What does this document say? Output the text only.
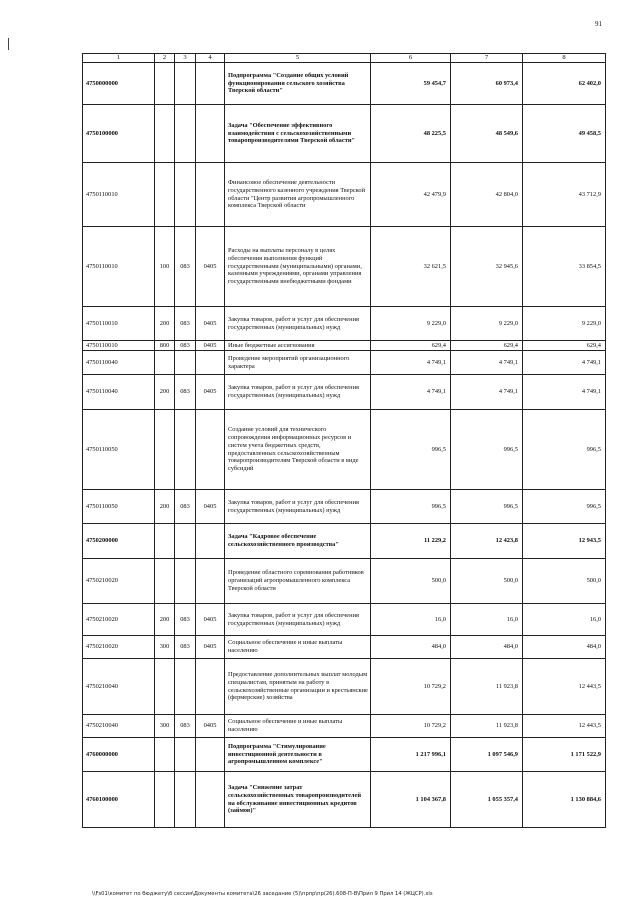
91
1	2	3	4	5	6	7	8
4750000000				Подпрограмма "Создание общих условий функционирования сельского хозяйства Тверской области"	59 454,7	60 973,4	62 402,0
4750100000				Задача "Обеспечение эффективного взаимодействия с сельскохозяйственными товаропроизводителями Тверской области"	48 225,5	48 549,6	49 458,5
4750110010				Финансовое обеспечение деятельности государственного казенного учреждения Тверской области "Центр развития агропромышленного комплекса Тверской области	42 479,9	42 804,0	43 712,9
4750110010	100	083	0405	Расходы на выплаты персоналу в целях обеспечения выполнения функций государственными (муниципальными) органами, казенными учреждениями, органами управления государственными внебюджетными фондами	32 621,5	32 945,6	33 854,5
4750110010	200	083	0405	Закупка товаров, работ и услуг для обеспечения государственных (муниципальных) нужд	9 229,0	9 229,0	9 229,0
4750110010	800	083	0405	Иные бюджетные ассигнования	629,4	629,4	629,4
4750110040				Проведение мероприятий организационного характера	4 749,1	4 749,1	4 749,1
4750110040	200	083	0405	Закупка товаров, работ и услуг для обеспечения государственных (муниципальных) нужд	4 749,1	4 749,1	4 749,1
4750110050				Создание условий для технического сопровождения информационных ресурсов и систем учета бюджетных средств, предоставленных сельскохозяйственным товаропроизводителям Тверской области в виде субсидий	996,5	996,5	996,5
4750110050	200	083	0405	Закупка товаров, работ и услуг для обеспечения государственных (муниципальных) нужд	996,5	996,5	996,5
4750200000				Задача "Кадровое обеспечение сельскохозяйственного производства"	11 229,2	12 423,8	12 943,5
4750210020				Проведение областного соревнования работников организаций агропромышленного комплекса Тверской области	500,0	500,0	500,0
4750210020	200	083	0405	Закупка товаров, работ и услуг для обеспечения государственных (муниципальных) нужд	16,0	16,0	16,0
4750210020	300	083	0405	Социальное обеспечение и иные выплаты населению	484,0	484,0	484,0
4750210040				Предоставление дополнительных выплат молодым специалистам, принятым на работу в сельскохозяйственные организации и крестьянские (фермерские) хозяйства	10 729,2	11 923,8	12 443,5
4750210040	300	083	0405	Социальное обеспечение и иные выплаты населению	10 729,2	11 923,8	12 443,5
4760000000				Подпрограмма "Стимулирование инвестиционной деятельности в агропромышленном комплексе"	1 217 996,1	1 097 546,9	1 171 522,9
4760100000				Задача "Снижение затрат сельскохозяйственных товаропроизводителей на обслуживание инвестиционных кредитов (займов)"	1 104 367,8	1 055 357,4	1 130 884,6
\\Fs01\комитет по бюджету\б сессия\Документы комитета\26 заседание (5)\прпр\пр(26).608-П-В\Прил 9 Прил 14 (ЖЦСР).xls
